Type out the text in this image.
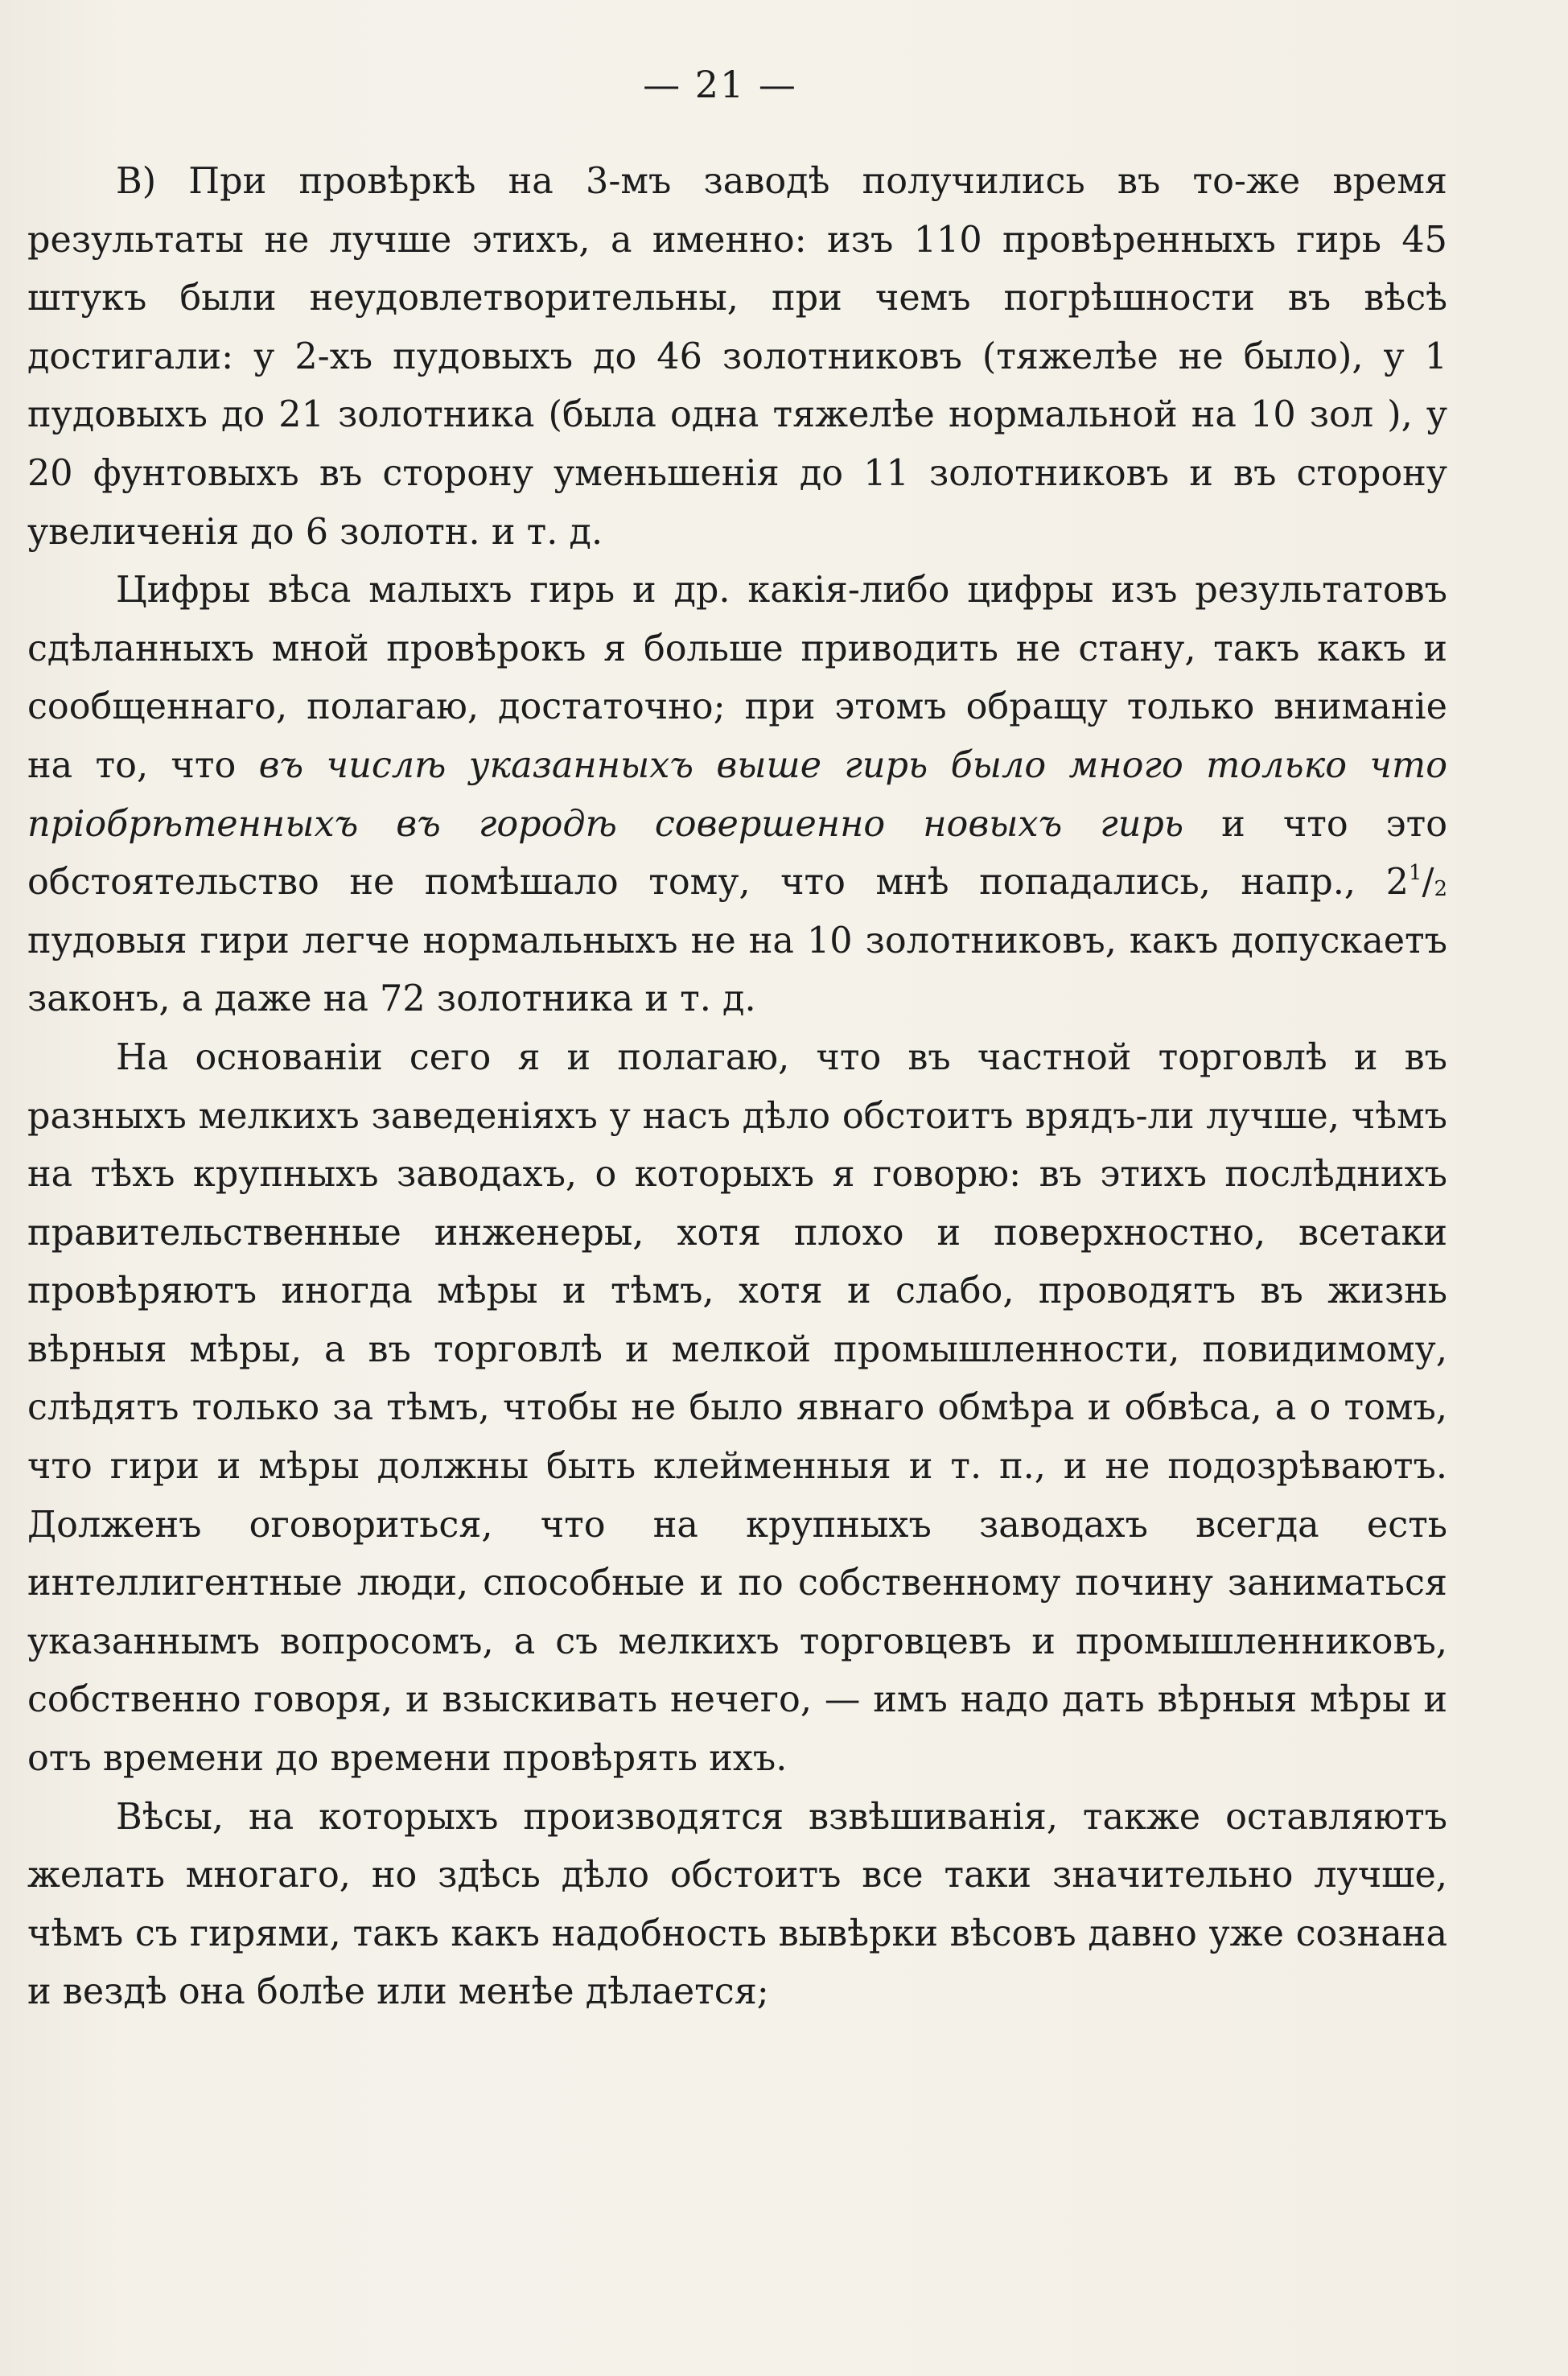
— 21 —

В) При провѣркѣ на 3-мъ заводѣ получились въ то-же время результаты не лучше этихъ, а именно: изъ 110 провѣренныхъ гирь 45 штукъ были неудовлетворительны, при чемъ погрѣшности въ вѣсѣ достигали: у 2-хъ пудовыхъ до 46 золотниковъ (тяжелѣе не было), у 1 пудовыхъ до 21 золотника (была одна тяжелѣе нормальной на 10 зол ), у 20 фунтовыхъ въ сторону уменьшенія до 11 золотниковъ и въ сторону увеличенія до 6 золотн. и т. д.

Цифры вѣса малыхъ гирь и др. какія-либо цифры изъ результатовъ сдѣланныхъ мной провѣрокъ я больше приводить не стану, такъ какъ и сообщеннаго, полагаю, достаточно; при этомъ обращу только вниманіе на то, что въ числѣ указанныхъ выше гирь было много только что пріобрѣтенныхъ въ городѣ совершенно новыхъ гирь и что это обстоятельство не помѣшало тому, что мнѣ попадались, напр., $2^1/_2$ пудовыя гири легче нормальныхъ не на 10 золотниковъ, какъ допускаетъ законъ, а даже на 72 золотника и т. д.

На основаніи сего я и полагаю, что въ частной торговлѣ и въ разныхъ мелкихъ заведеніяхъ у насъ дѣло обстоитъ врядъ-ли лучше, чѣмъ на тѣхъ крупныхъ заводахъ, о которыхъ я говорю: въ этихъ послѣднихъ правительственные инженеры, хотя плохо и поверхностно, всетаки провѣряютъ иногда мѣры и тѣмъ, хотя и слабо, проводятъ въ жизнь вѣрныя мѣры, а въ торговлѣ и мелкой промышленности, повидимому, слѣдятъ только за тѣмъ, чтобы не было явнаго обмѣра и обвѣса, а о томъ, что гири и мѣры должны быть клейменныя и т. п., и не подозрѣваютъ. Долженъ оговориться, что на крупныхъ заводахъ всегда есть интеллигентные люди, способные и по собственному почину заниматься указаннымъ вопросомъ, а съ мелкихъ торговцевъ и промышленниковъ, собственно говоря, и взыскивать нечего, — имъ надо дать вѣрныя мѣры и отъ времени до времени провѣрять ихъ.

Вѣсы, на которыхъ производятся взвѣшиванія, также оставляютъ желать многаго, но здѣсь дѣло обстоитъ все таки значительно лучше, чѣмъ съ гирями, такъ какъ надобность вывѣрки вѣсовъ давно уже сознана и вездѣ она болѣе или менѣе дѣлается;
